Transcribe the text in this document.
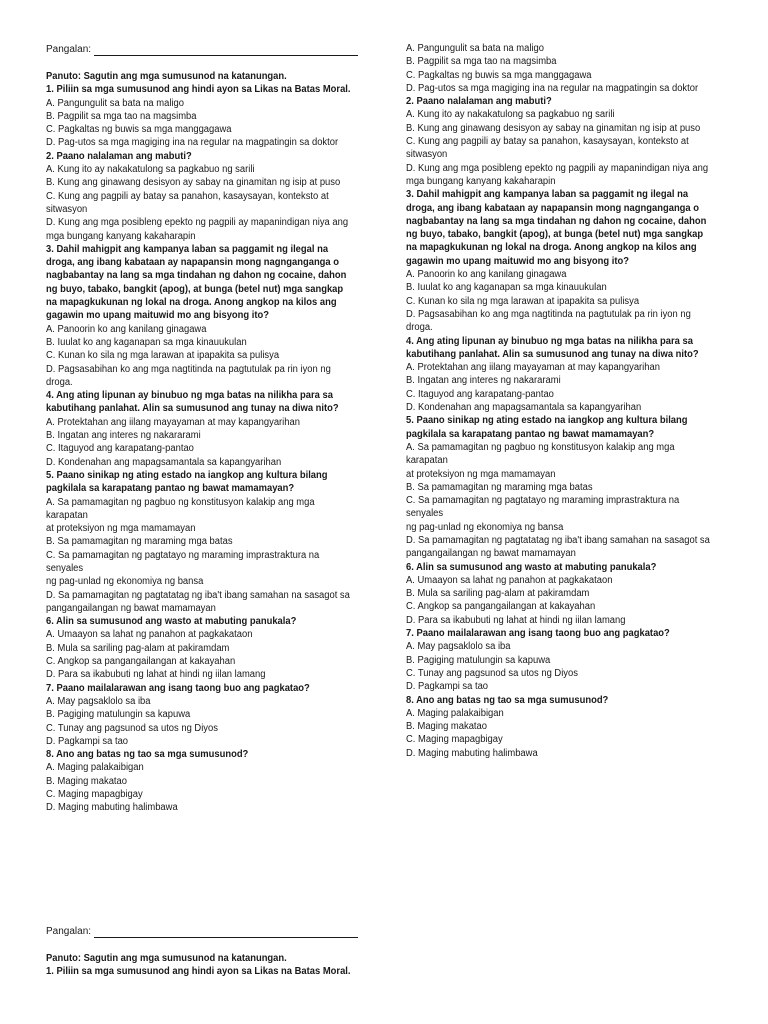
Pangalan:
Panuto: Sagutin ang mga sumusunod na katanungan.
1. Piliin sa mga sumusunod ang hindi ayon sa Likas na Batas Moral.
A. Pangungulit sa bata na maligo
B. Pagpilit sa mga tao na magsimba
C. Pagkaltas ng buwis sa mga manggagawa
D. Pag-utos sa mga magiging ina na regular na magpatingin sa doktor
2. Paano nalalaman ang mabuti?
A. Kung ito ay nakakatulong sa pagkabuo ng sarili
B. Kung ang ginawang desisyon ay sabay na ginamitan ng isip at puso
C. Kung ang pagpili ay batay sa panahon, kasaysayan, konteksto at
sitwasyon
D. Kung ang mga posibleng epekto ng pagpili ay mapanindigan niya ang
mga bungang kanyang kakaharapin
3. Dahil mahigpit ang kampanya laban sa paggamit ng ilegal na
droga, ang ibang kabataan ay napapansin mong nagnganganga o
nagbabantay na lang sa mga tindahan ng dahon ng cocaine, dahon
ng buyo, tabako, bangkit (apog), at bunga (betel nut) mga sangkap
na mapagkukunan ng lokal na droga. Anong angkop na kilos ang
gagawin mo upang maituwid mo ang bisyong ito?
A. Panoorin ko ang kanilang ginagawa
B. Iuulat ko ang kaganapan sa mga kinauukulan
C. Kunan ko sila ng mga larawan at ipapakita sa pulisya
D. Pagsasabihan ko ang mga nagtitinda na pagtutulak pa rin iyon ng
droga.
4. Ang ating lipunan ay binubuo ng mga batas na nilikha para sa
kabutihang panlahat. Alin sa sumusunod ang tunay na diwa nito?
A. Protektahan ang iilang mayayaman at may kapangyarihan
B. Ingatan ang interes ng nakararami
C. Itaguyod ang karapatang-pantao
D. Kondenahan ang mapagsamantala sa kapangyarihan
5. Paano sinikap ng ating estado na iangkop ang kultura bilang
pagkilala sa karapatang pantao ng bawat mamamayan?
A. Sa pamamagitan ng pagbuo ng konstitusyon kalakip ang mga
karapatan
at proteksiyon ng mga mamamayan
B. Sa pamamagitan ng maraming mga batas
C. Sa pamamagitan ng pagtatayo ng maraming imprastraktura na
senyales
ng pag-unlad ng ekonomiya ng bansa
D. Sa pamamagitan ng pagtatatag ng iba't ibang samahan na sasagot sa
pangangailangan ng bawat mamamayan
6. Alin sa sumusunod ang wasto at mabuting panukala?
A. Umaayon sa lahat ng panahon at pagkakataon
B. Mula sa sariling pag-alam at pakiramdam
C. Angkop sa pangangailangan at kakayahan
D. Para sa ikabubuti ng lahat at hindi ng iilan lamang
7. Paano mailalarawan ang isang taong buo ang pagkatao?
A. May pagsaklolo sa iba
B. Pagiging matulungin sa kapuwa
C. Tunay ang pagsunod sa utos ng Diyos
D. Pagkampi sa tao
8. Ano ang batas ng tao sa mga sumusunod?
A. Maging palakaibigan
B. Maging makatao
C. Maging mapagbigay
D. Maging mabuting halimbawa
A. Pangungulit sa bata na maligo
B. Pagpilit sa mga tao na magsimba
C. Pagkaltas ng buwis sa mga manggagawa
D. Pag-utos sa mga magiging ina na regular na magpatingin sa doktor
2. Paano nalalaman ang mabuti?
A. Kung ito ay nakakatulong sa pagkabuo ng sarili
B. Kung ang ginawang desisyon ay sabay na ginamitan ng isip at puso
C. Kung ang pagpili ay batay sa panahon, kasaysayan, konteksto at
sitwasyon
D. Kung ang mga posibleng epekto ng pagpili ay mapanindigan niya ang
mga bungang kanyang kakaharapin
3. Dahil mahigpit ang kampanya laban sa paggamit ng ilegal na
droga, ang ibang kabataan ay napapansin mong nagnganganga o
nagbabantay na lang sa mga tindahan ng dahon ng cocaine, dahon
ng buyo, tabako, bangkit (apog), at bunga (betel nut) mga sangkap
na mapagkukunan ng lokal na droga. Anong angkop na kilos ang
gagawin mo upang maituwid mo ang bisyong ito?
A. Panoorin ko ang kanilang ginagawa
B. Iuulat ko ang kaganapan sa mga kinauukulan
C. Kunan ko sila ng mga larawan at ipapakita sa pulisya
D. Pagsasabihan ko ang mga nagtitinda na pagtutulak pa rin iyon ng
droga.
4. Ang ating lipunan ay binubuo ng mga batas na nilikha para sa
kabutihang panlahat. Alin sa sumusunod ang tunay na diwa nito?
A. Protektahan ang iilang mayayaman at may kapangyarihan
B. Ingatan ang interes ng nakararami
C. Itaguyod ang karapatang-pantao
D. Kondenahan ang mapagsamantala sa kapangyarihan
5. Paano sinikap ng ating estado na iangkop ang kultura bilang
pagkilala sa karapatang pantao ng bawat mamamayan?
A. Sa pamamagitan ng pagbuo ng konstitusyon kalakip ang mga
karapatan
at proteksiyon ng mga mamamayan
B. Sa pamamagitan ng maraming mga batas
C. Sa pamamagitan ng pagtatayo ng maraming imprastraktura na
senyales
ng pag-unlad ng ekonomiya ng bansa
D. Sa pamamagitan ng pagtatatag ng iba't ibang samahan na sasagot sa
pangangailangan ng bawat mamamayan
6. Alin sa sumusunod ang wasto at mabuting panukala?
A. Umaayon sa lahat ng panahon at pagkakataon
B. Mula sa sariling pag-alam at pakiramdam
C. Angkop sa pangangailangan at kakayahan
D. Para sa ikabubuti ng lahat at hindi ng iilan lamang
7. Paano mailalarawan ang isang taong buo ang pagkatao?
A. May pagsaklolo sa iba
B. Pagiging matulungin sa kapuwa
C. Tunay ang pagsunod sa utos ng Diyos
D. Pagkampi sa tao
8. Ano ang batas ng tao sa mga sumusunod?
A. Maging palakaibigan
B. Maging makatao
C. Maging mapagbigay
D. Maging mabuting halimbawa
Pangalan:
Panuto: Sagutin ang mga sumusunod na katanungan.
1. Piliin sa mga sumusunod ang hindi ayon sa Likas na Batas Moral.
